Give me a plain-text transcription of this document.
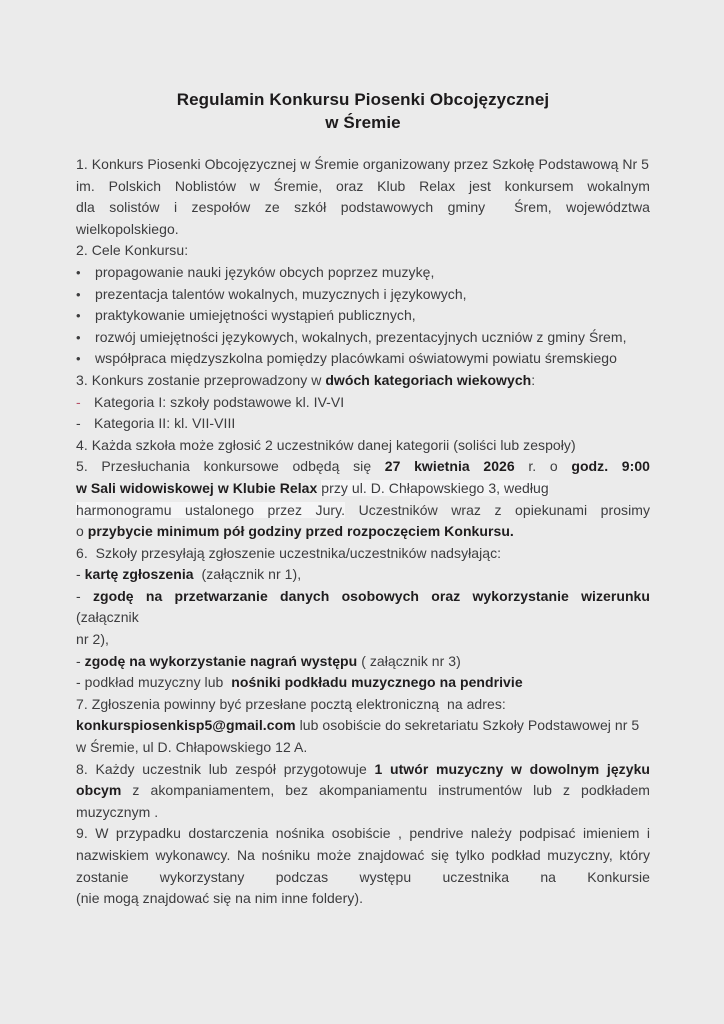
Regulamin Konkursu Piosenki Obcojęzycznej
w Śremie
1. Konkurs Piosenki Obcojęzycznej w Śremie organizowany przez Szkołę Podstawową Nr 5
im. Polskich Noblistów w Śremie, oraz Klub Relax jest konkursem wokalnym
dla solistów i zespołów ze szkół podstawowych gminy  Śrem, województwa
wielkopolskiego.
2. Cele Konkursu:
• propagowanie nauki języków obcych poprzez muzykę,
• prezentacja talentów wokalnych, muzycznych i językowych,
• praktykowanie umiejętności wystąpień publicznych,
• rozwój umiejętności językowych, wokalnych, prezentacyjnych uczniów z gminy Śrem,
• współpraca międzyszkolna pomiędzy placówkami oświatowymi powiatu śremskiego
3. Konkurs zostanie przeprowadzony w dwóch kategoriach wiekowych:
- Kategoria I: szkoły podstawowe kl. IV-VI
- Kategoria II: kl. VII-VIII
4. Każda szkoła może zgłosić 2 uczestników danej kategorii (soliści lub zespoły)
5. Przesłuchania konkursowe odbędą się 27 kwietnia 2026 r. o godz. 9:00
w Sali widowiskowej w Klubie Relax przy ul. D. Chłapowskiego 3, według
harmonogramu ustalonego przez Jury. Uczestników wraz z opiekunami prosimy
o przybycie minimum pół godziny przed rozpoczęciem Konkursu.
6.  Szkoły przesyłają zgłoszenie uczestnika/uczestników nadsyłając:
- kartę zgłoszenia  (załącznik nr 1),
- zgodę na przetwarzanie danych osobowych oraz wykorzystanie wizerunku (załącznik
nr 2),
- zgodę na wykorzystanie nagrań występu ( załącznik nr 3)
- podkład muzyczny lub  nośniki podkładu muzycznego na pendrivie
7. Zgłoszenia powinny być przesłane pocztą elektroniczną  na adres:
konkurspiosenkisp5@gmail.com lub osobiście do sekretariatu Szkoły Podstawowej nr 5
w Śremie, ul D. Chłapowskiego 12 A.
8. Każdy uczestnik lub zespół przygotowuje 1 utwór muzyczny w dowolnym języku
obcym z akompaniamentem, bez akompaniamentu instrumentów lub z podkładem
muzycznym .
9. W przypadku dostarczenia nośnika osobiście , pendrive należy podpisać imieniem i
nazwiskiem wykonawcy. Na nośniku może znajdować się tylko podkład muzyczny, który
zostanie wykorzystany podczas występu uczestnika na Konkursie
(nie mogą znajdować się na nim inne foldery).
